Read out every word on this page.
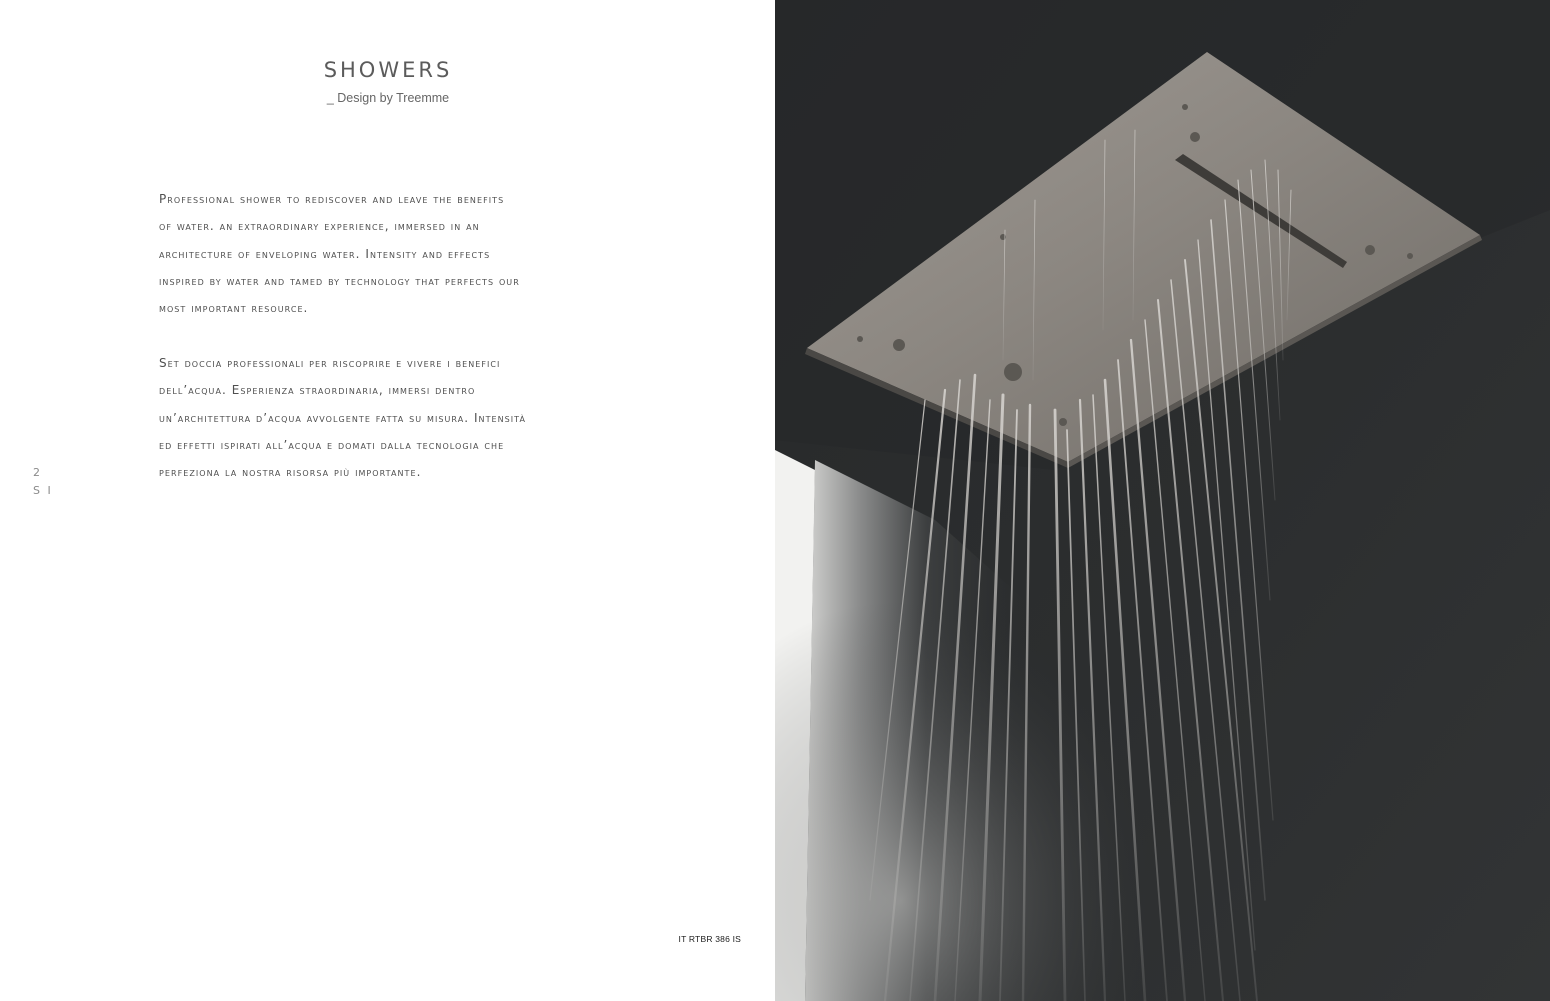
SHOWERS
_ Design by Treemme
Professional shower to rediscover and leave the benefits
of water. an extraordinary experience, immersed in an
architecture of enveloping water. Intensity and effects
inspired by water and tamed by technology that perfects our
most important resource.
Set doccia professionali per riscoprire e vivere i benefici
dell’acqua. Esperienza straordinaria, immersi dentro
un’architettura d’acqua avvolgente fatta su misura. Intensità
ed effetti ispirati all’acqua e domati dalla tecnologia che
perfeziona la nostra risorsa più importante.
2
S I
IT RTBR 386 IS
